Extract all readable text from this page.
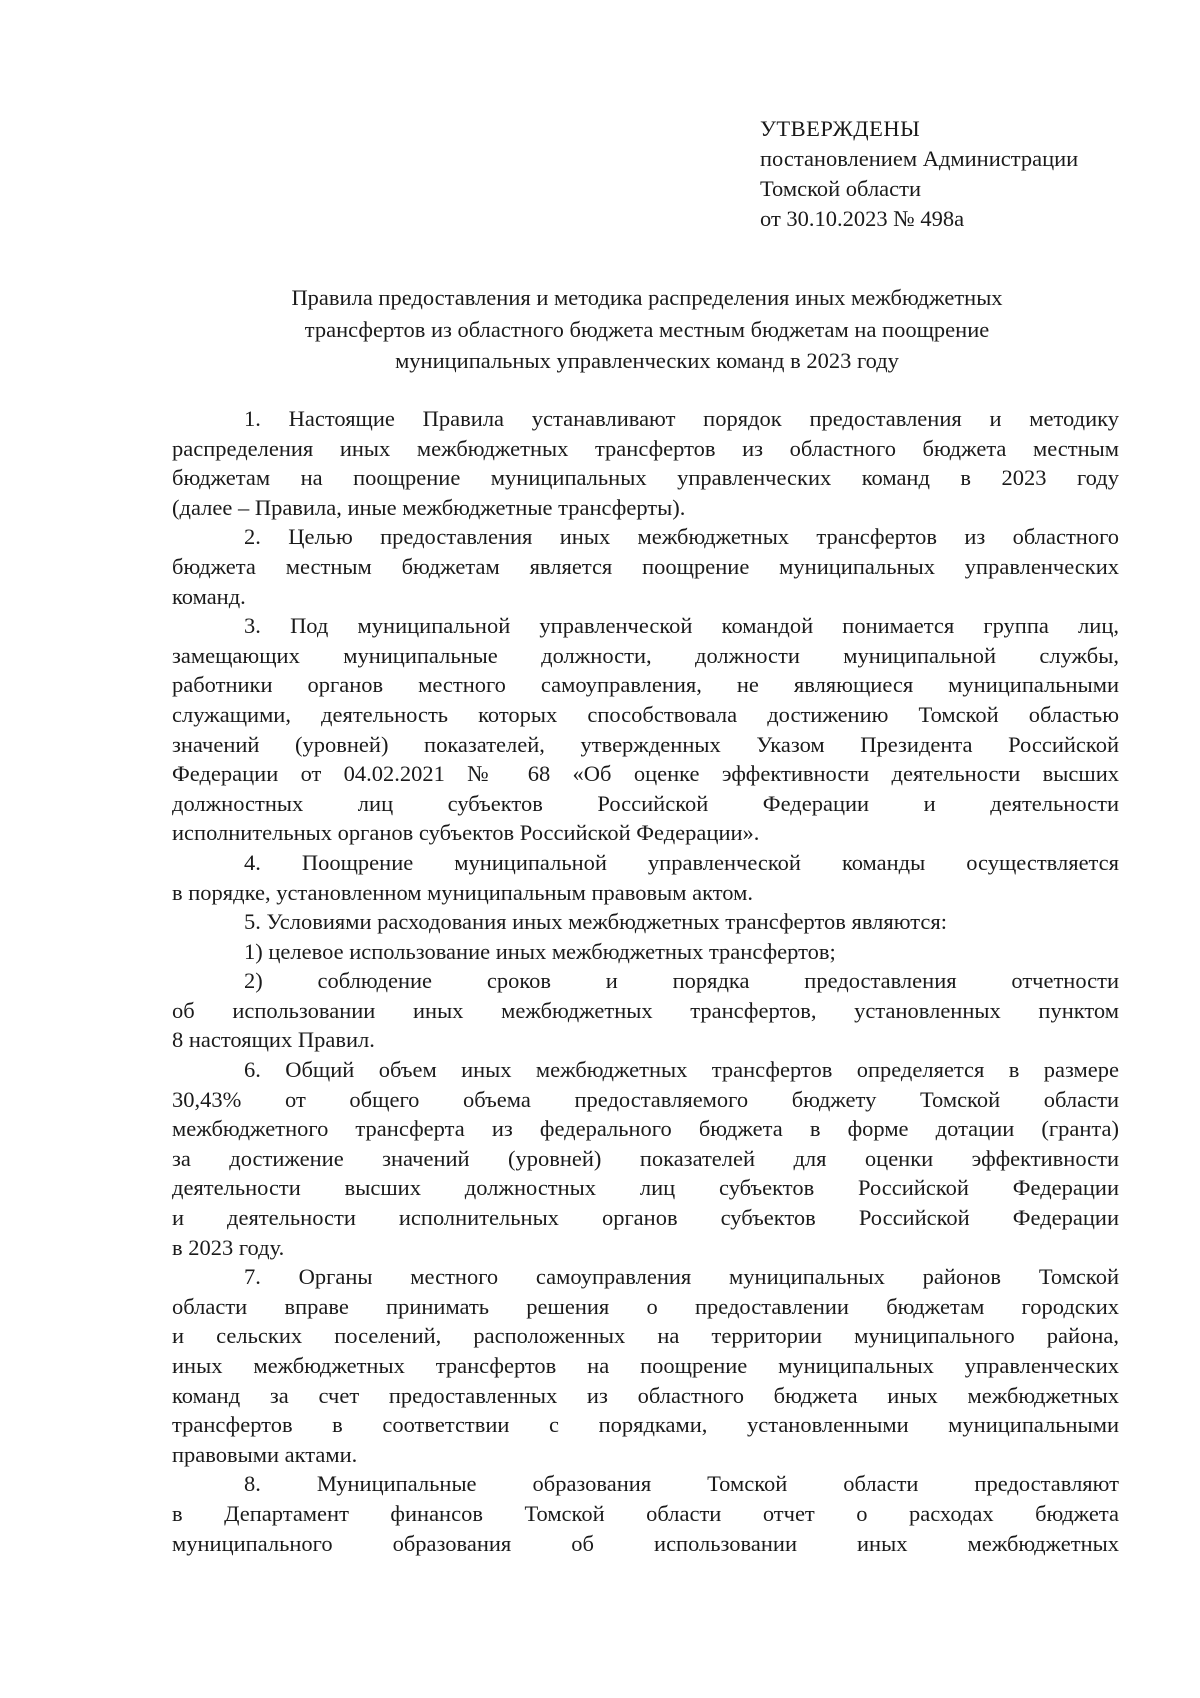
УТВЕРЖДЕНЫ
постановлением Администрации
Томской области
от 30.10.2023 № 498а
Правила предоставления и методика распределения иных межбюджетных
трансфертов из областного бюджета местным бюджетам на поощрение
муниципальных управленческих команд в 2023 году
1. Настоящие Правила устанавливают порядок предоставления и методику
распределения иных межбюджетных трансфертов из областного бюджета местным
бюджетам на поощрение муниципальных управленческих команд в 2023 году
(далее – Правила, иные межбюджетные трансферты).
2. Целью предоставления иных межбюджетных трансфертов из областного
бюджета местным бюджетам является поощрение муниципальных управленческих
команд.
3. Под муниципальной управленческой командой понимается группа лиц,
замещающих муниципальные должности, должности муниципальной службы,
работники органов местного самоуправления, не являющиеся муниципальными
служащими, деятельность которых способствовала достижению Томской областью
значений (уровней) показателей, утвержденных Указом Президента Российской
Федерации от 04.02.2021 № 68 «Об оценке эффективности деятельности высших
должностных лиц субъектов Российской Федерации и деятельности
исполнительных органов субъектов Российской Федерации».
4. Поощрение муниципальной управленческой команды осуществляется
в порядке, установленном муниципальным правовым актом.
5. Условиями расходования иных межбюджетных трансфертов являются:
1) целевое использование иных межбюджетных трансфертов;
2) соблюдение сроков и порядка предоставления отчетности
об использовании иных межбюджетных трансфертов, установленных пунктом
8 настоящих Правил.
6. Общий объем иных межбюджетных трансфертов определяется в размере
30,43% от общего объема предоставляемого бюджету Томской области
межбюджетного трансферта из федерального бюджета в форме дотации (гранта)
за достижение значений (уровней) показателей для оценки эффективности
деятельности высших должностных лиц субъектов Российской Федерации
и деятельности исполнительных органов субъектов Российской Федерации
в 2023 году.
7. Органы местного самоуправления муниципальных районов Томской
области вправе принимать решения о предоставлении бюджетам городских
и сельских поселений, расположенных на территории муниципального района,
иных межбюджетных трансфертов на поощрение муниципальных управленческих
команд за счет предоставленных из областного бюджета иных межбюджетных
трансфертов в соответствии с порядками, установленными муниципальными
правовыми актами.
8. Муниципальные образования Томской области предоставляют
в Департамент финансов Томской области отчет о расходах бюджета
муниципального образования об использовании иных межбюджетных
